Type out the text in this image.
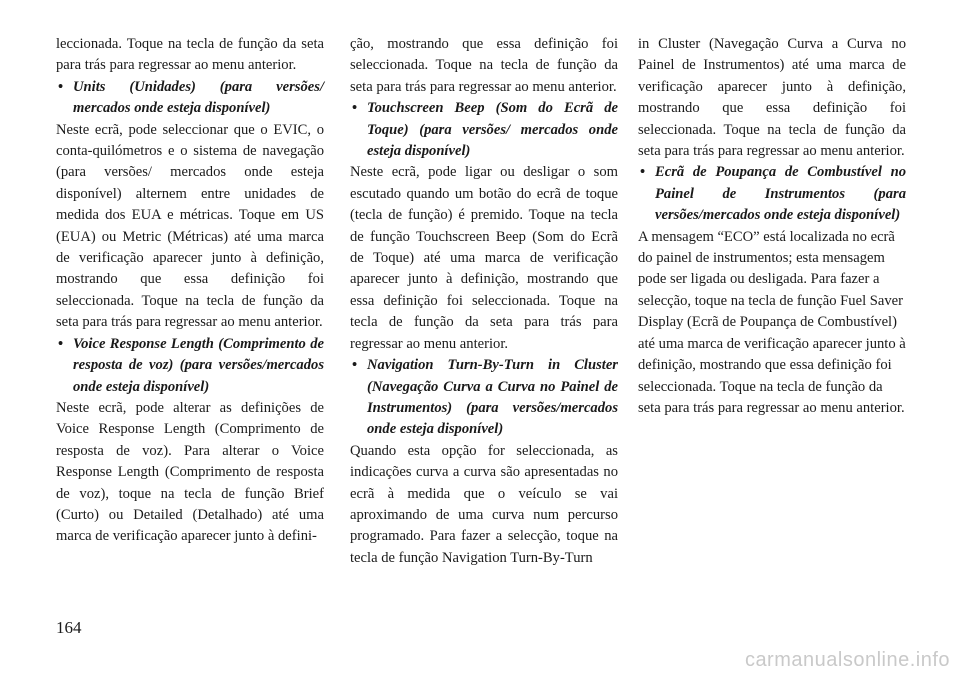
leccionada. Toque na tecla de função da seta para trás para regressar ao menu anterior.

• Units (Unidades) (para versões/ mercados onde esteja disponível)

Neste ecrã, pode seleccionar que o EVIC, o conta-quilómetros e o sistema de navegação (para versões/ mercados onde esteja disponível) alternem entre unidades de medida dos EUA e métricas. Toque em US (EUA) ou Metric (Métricas) até uma marca de verificação aparecer junto à definição, mostrando que essa definição foi seleccionada. Toque na tecla de função da seta para trás para regressar ao menu anterior.

• Voice Response Length (Comprimento de resposta de voz) (para versões/mercados onde esteja disponível)

Neste ecrã, pode alterar as definições de Voice Response Length (Comprimento de resposta de voz). Para alterar o Voice Response Length (Comprimento de resposta de voz), toque na tecla de função Brief (Curto) ou Detailed (Detalhado) até uma marca de verificação aparecer junto à defini-

ção, mostrando que essa definição foi seleccionada. Toque na tecla de função da seta para trás para regressar ao menu anterior.

• Touchscreen Beep (Som do Ecrã de Toque) (para versões/ mercados onde esteja disponível)

Neste ecrã, pode ligar ou desligar o som escutado quando um botão do ecrã de toque (tecla de função) é premido. Toque na tecla de função Touchscreen Beep (Som do Ecrã de Toque) até uma marca de verificação aparecer junto à definição, mostrando que essa definição foi seleccionada. Toque na tecla de função da seta para trás para regressar ao menu anterior.

• Navigation Turn-By-Turn in Cluster (Navegação Curva a Curva no Painel de Instrumentos) (para versões/mercados onde esteja disponível)

Quando esta opção for seleccionada, as indicações curva a curva são apresentadas no ecrã à medida que o veículo se vai aproximando de uma curva num percurso programado. Para fazer a selecção, toque na tecla de função Navigation Turn-By-Turn

in Cluster (Navegação Curva a Curva no Painel de Instrumentos) até uma marca de verificação aparecer junto à definição, mostrando que essa definição foi seleccionada. Toque na tecla de função da seta para trás para regressar ao menu anterior.

• Ecrã de Poupança de Combustível no Painel de Instrumentos (para versões/mercados onde esteja disponível)

A mensagem “ECO” está localizada no ecrã do painel de instrumentos; esta mensagem pode ser ligada ou desligada. Para fazer a selecção, toque na tecla de função Fuel Saver Display (Ecrã de Poupança de Combustível) até uma marca de verificação aparecer junto à definição, mostrando que essa definição foi seleccionada. Toque na tecla de função da seta para trás para regressar ao menu anterior.

164
carmanualsonline.info
